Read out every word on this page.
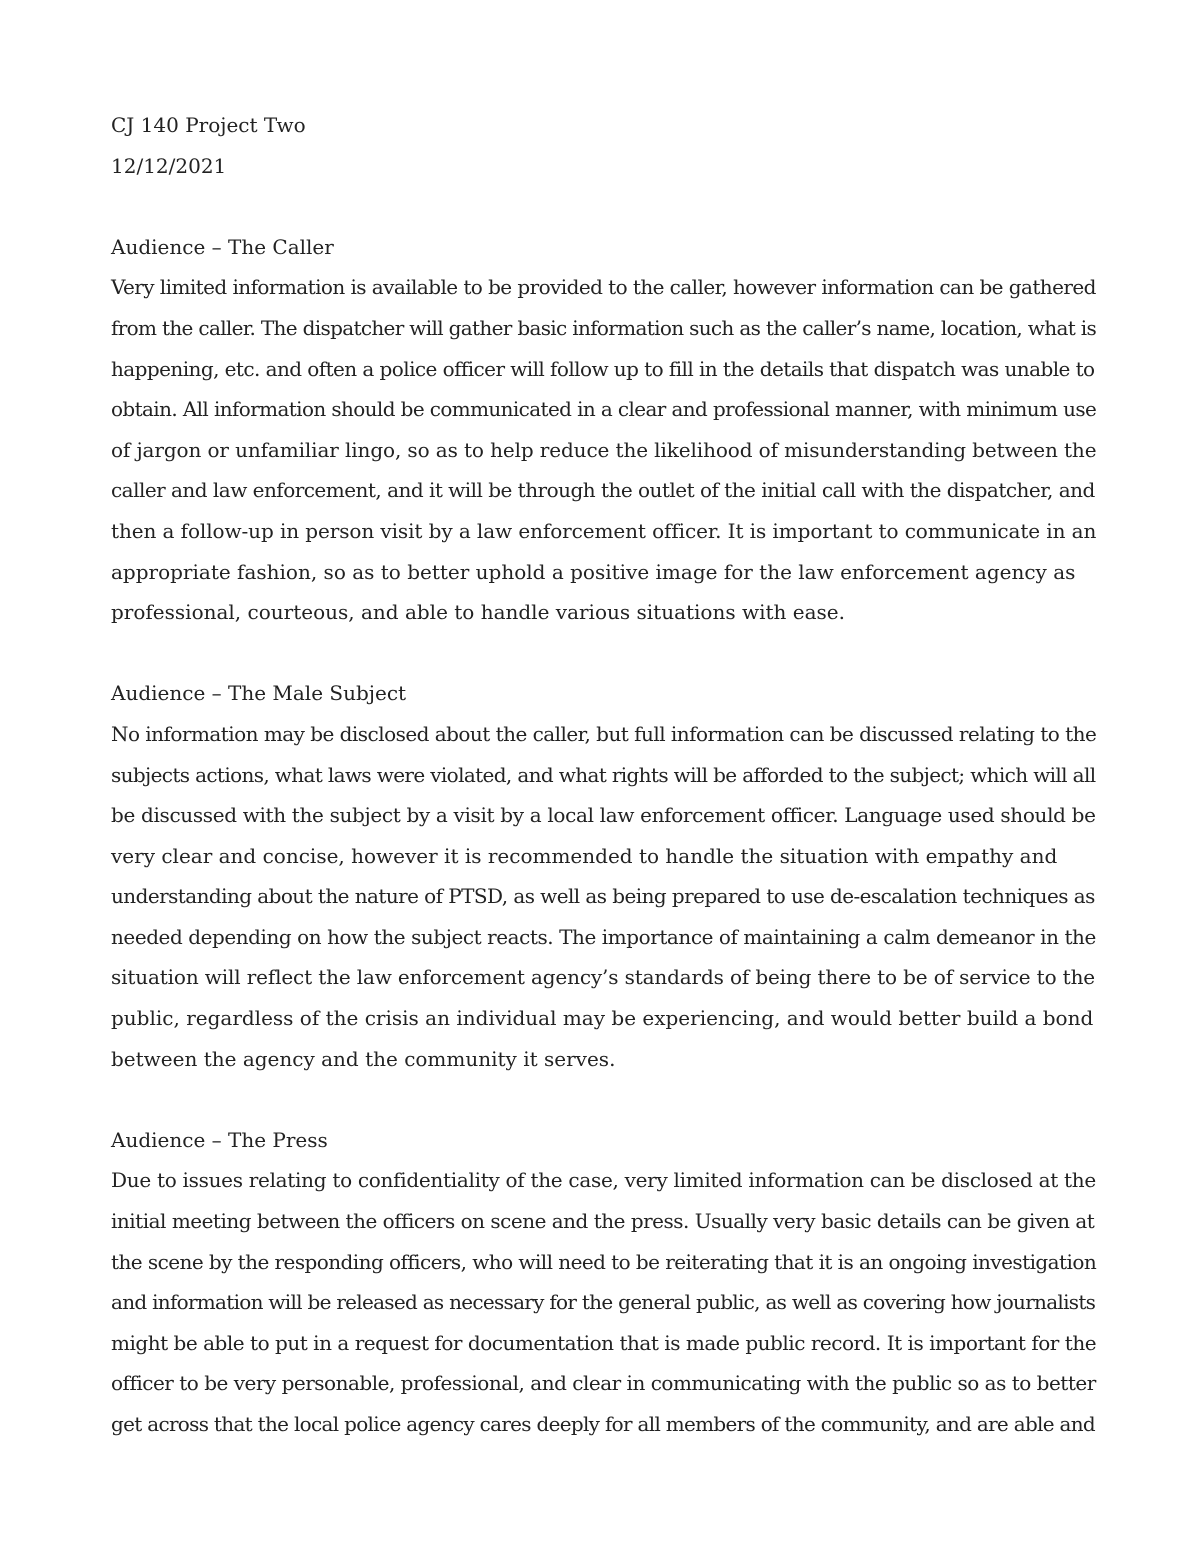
CJ 140 Project Two
12/12/2021
Audience – The Caller
Very limited information is available to be provided to the caller, however information can be gathered
from the caller. The dispatcher will gather basic information such as the caller’s name, location, what is
happening, etc. and often a police officer will follow up to fill in the details that dispatch was unable to
obtain. All information should be communicated in a clear and professional manner, with minimum use
of jargon or unfamiliar lingo, so as to help reduce the likelihood of misunderstanding between the
caller and law enforcement, and it will be through the outlet of the initial call with the dispatcher, and
then a follow-up in person visit by a law enforcement officer. It is important to communicate in an
appropriate fashion, so as to better uphold a positive image for the law enforcement agency as
professional, courteous, and able to handle various situations with ease.
Audience – The Male Subject
No information may be disclosed about the caller, but full information can be discussed relating to the
subjects actions, what laws were violated, and what rights will be afforded to the subject; which will all
be discussed with the subject by a visit by a local law enforcement officer. Language used should be
very clear and concise, however it is recommended to handle the situation with empathy and
understanding about the nature of PTSD, as well as being prepared to use de-escalation techniques as
needed depending on how the subject reacts. The importance of maintaining a calm demeanor in the
situation will reflect the law enforcement agency’s standards of being there to be of service to the
public, regardless of the crisis an individual may be experiencing, and would better build a bond
between the agency and the community it serves.
Audience – The Press
Due to issues relating to confidentiality of the case, very limited information can be disclosed at the
initial meeting between the officers on scene and the press. Usually very basic details can be given at
the scene by the responding officers, who will need to be reiterating that it is an ongoing investigation
and information will be released as necessary for the general public, as well as covering how journalists
might be able to put in a request for documentation that is made public record. It is important for the
officer to be very personable, professional, and clear in communicating with the public so as to better
get across that the local police agency cares deeply for all members of the community, and are able and
